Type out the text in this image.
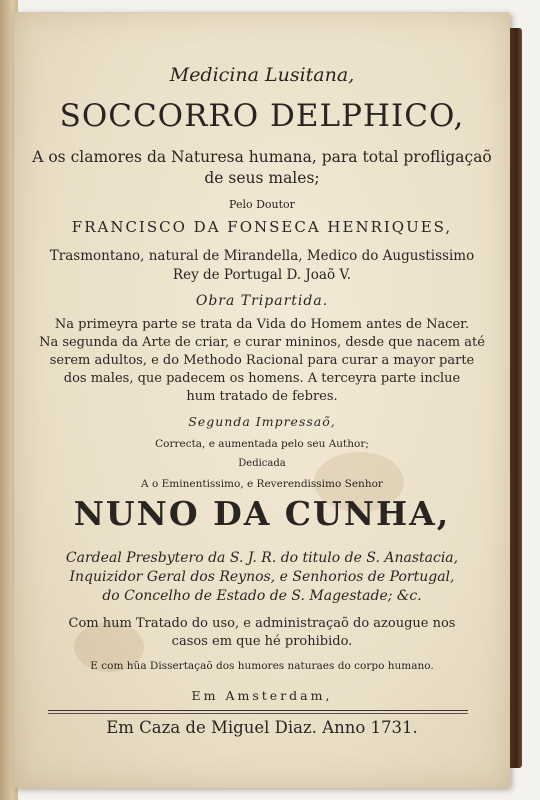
Medicina Lusitana,
SOCCORRO DELPHICO,
A os clamores da Naturesa humana, para total profligaçaõ
de seus males;
Pelo Doutor
FRANCISCO DA FONSECA HENRIQUES,
Trasmontano, natural de Mirandella, Medico do Augustissimo
Rey de Portugal D. Joaõ V.
Obra Tripartida.
Na primeyra parte se trata da Vida do Homem antes de Nacer.
Na segunda da Arte de criar, e curar mininos, desde que nacem até
serem adultos, e do Methodo Racional para curar a mayor parte
dos males, que padecem os homens. A terceyra parte inclue
hum tratado de febres.
Segunda Impressaõ,
Correcta, e aumentada pelo seu Author;
Dedicada
A o Eminentissimo, e Reverendissimo Senhor
NUNO DA CUNHA,
Cardeal Presbytero da S. J. R. do titulo de S. Anastacia,
Inquizidor Geral dos Reynos, e Senhorios de Portugal,
do Concelho de Estado de S. Magestade; &c.
Com hum Tratado do uso, e administraçaõ do azougue nos
casos em que hé prohibido.
E com hũa Dissertaçaõ dos humores naturaes do corpo humano.
Em Amsterdam,
Em Caza de Miguel Diaz. Anno 1731.
